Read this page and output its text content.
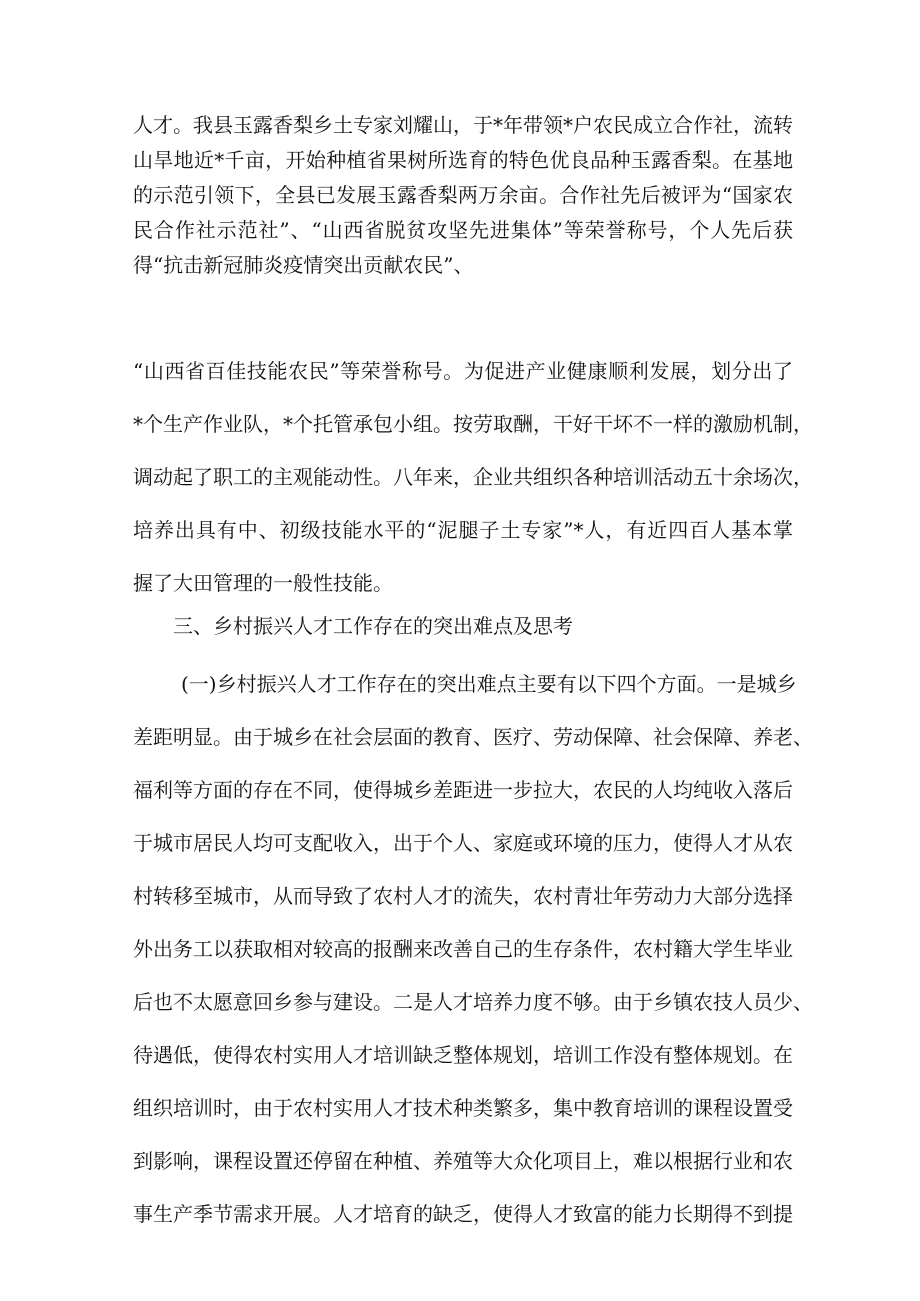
人才。我县玉露香梨乡土专家刘耀山，于*年带领*户农民成立合作社，流转
山旱地近*千亩，开始种植省果树所选育的特色优良品种玉露香梨。在基地
的示范引领下，全县已发展玉露香梨两万余亩。合作社先后被评为“国家农
民合作社示范社”、“山西省脱贫攻坚先进集体”等荣誉称号，个人先后获
得“抗击新冠肺炎疫情突出贡献农民”、
“山西省百佳技能农民”等荣誉称号。为促进产业健康顺利发展，划分出了
*个生产作业队，*个托管承包小组。按劳取酬，干好干坏不一样的激励机制，
调动起了职工的主观能动性。八年来，企业共组织各种培训活动五十余场次，
培养出具有中、初级技能水平的“泥腿子土专家”*人，有近四百人基本掌
握了大田管理的一般性技能。
三、乡村振兴人才工作存在的突出难点及思考
(一)乡村振兴人才工作存在的突出难点主要有以下四个方面。一是城乡
差距明显。由于城乡在社会层面的教育、医疗、劳动保障、社会保障、养老、
福利等方面的存在不同，使得城乡差距进一步拉大，农民的人均纯收入落后
于城市居民人均可支配收入，出于个人、家庭或环境的压力，使得人才从农
村转移至城市，从而导致了农村人才的流失，农村青壮年劳动力大部分选择
外出务工以获取相对较高的报酬来改善自己的生存条件，农村籍大学生毕业
后也不太愿意回乡参与建设。二是人才培养力度不够。由于乡镇农技人员少、
待遇低，使得农村实用人才培训缺乏整体规划，培训工作没有整体规划。在
组织培训时，由于农村实用人才技术种类繁多，集中教育培训的课程设置受
到影响，课程设置还停留在种植、养殖等大众化项目上，难以根据行业和农
事生产季节需求开展。人才培育的缺乏，使得人才致富的能力长期得不到提
